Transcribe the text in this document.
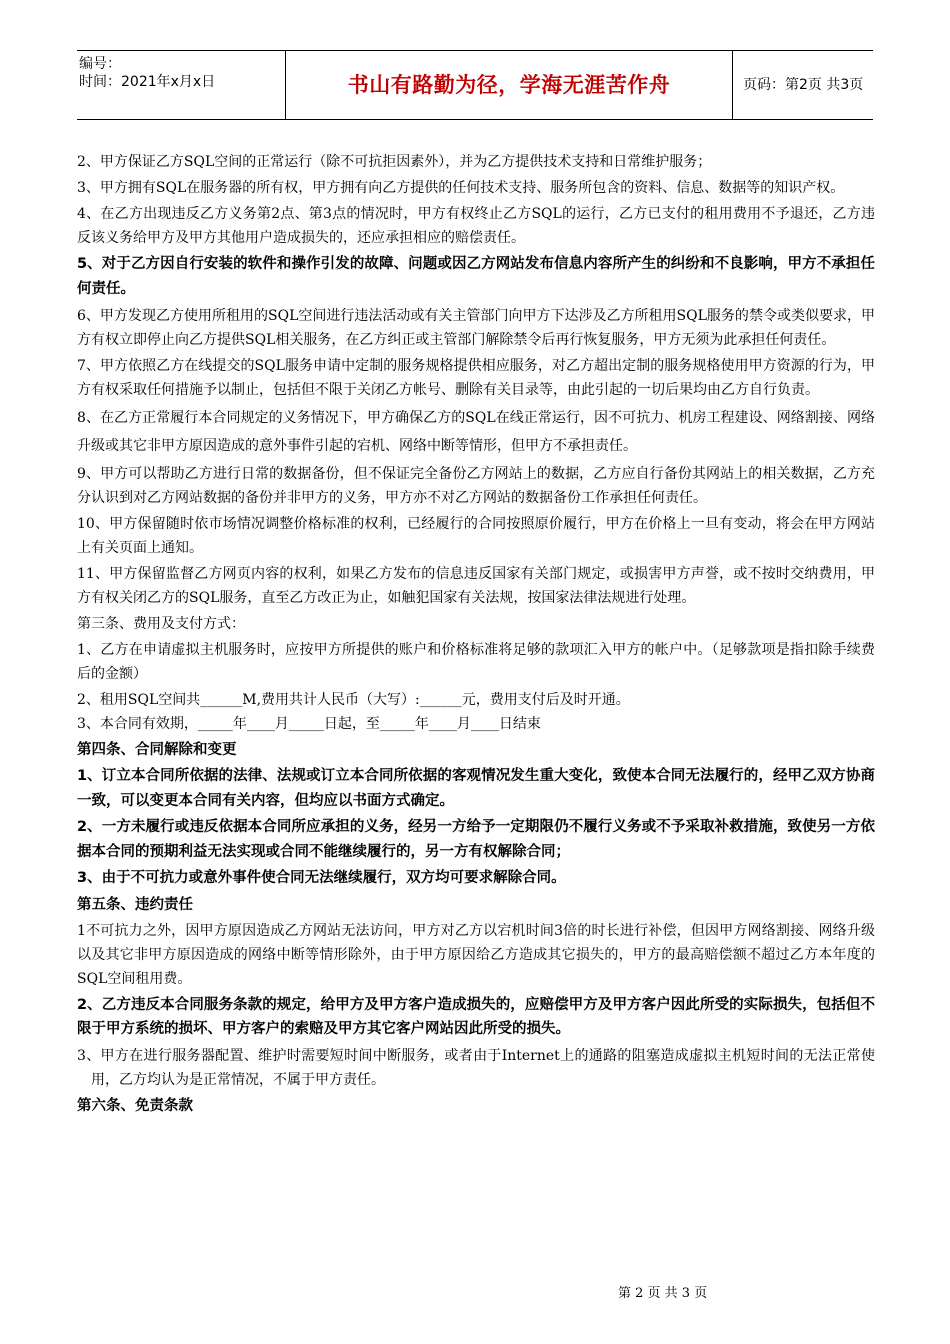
编号：
时间：2021年x月x日	书山有路勤为径，学海无涯苦作舟	页码：第2页 共3页

2、甲方保证乙方SQL空间的正常运行（除不可抗拒因素外），并为乙方提供技术支持和日常维护服务；

3、甲方拥有SQL在服务器的所有权，甲方拥有向乙方提供的任何技术支持、服务所包含的资料、信息、数据等的知识产权。

4、在乙方出现违反乙方义务第2点、第3点的情况时，甲方有权终止乙方SQL的运行，乙方已支付的租用费用不予退还，乙方违反该义务给甲方及甲方其他用户造成损失的，还应承担相应的赔偿责任。

5、对于乙方因自行安装的软件和操作引发的故障、问题或因乙方网站发布信息内容所产生的纠纷和不良影响，甲方不承担任何责任。

6、甲方发现乙方使用所租用的SQL空间进行违法活动或有关主管部门向甲方下达涉及乙方所租用SQL服务的禁令或类似要求，甲方有权立即停止向乙方提供SQL相关服务，在乙方纠正或主管部门解除禁令后再行恢复服务，甲方无须为此承担任何责任。

7、甲方依照乙方在线提交的SQL服务申请中定制的服务规格提供相应服务，对乙方超出定制的服务规格使用甲方资源的行为，甲方有权采取任何措施予以制止，包括但不限于关闭乙方帐号、删除有关目录等，由此引起的一切后果均由乙方自行负责。

8、在乙方正常履行本合同规定的义务情况下，甲方确保乙方的SQL在线正常运行，因不可抗力、机房工程建设、网络割接、网络升级或其它非甲方原因造成的意外事件引起的宕机、网络中断等情形，但甲方不承担责任。

9、甲方可以帮助乙方进行日常的数据备份，但不保证完全备份乙方网站上的数据，乙方应自行备份其网站上的相关数据，乙方充分认识到对乙方网站数据的备份并非甲方的义务，甲方亦不对乙方网站的数据备份工作承担任何责任。

10、甲方保留随时依市场情况调整价格标准的权利，已经履行的合同按照原价履行，甲方在价格上一旦有变动，将会在甲方网站上有关页面上通知。

11、甲方保留监督乙方网页内容的权利，如果乙方发布的信息违反国家有关部门规定，或损害甲方声誉，或不按时交纳费用，甲方有权关闭乙方的SQL服务，直至乙方改正为止，如触犯国家有关法规，按国家法律法规进行处理。

第三条、费用及支付方式：

1、乙方在申请虚拟主机服务时，应按甲方所提供的账户和价格标准将足够的款项汇入甲方的帐户中。（足够款项是指扣除手续费后的金额）

2、租用SQL空间共______M,费用共计人民币（大写）:______元，费用支付后及时开通。

3、本合同有效期，_____年____月_____日起，至_____年____月____日结束

第四条、合同解除和变更

1、订立本合同所依据的法律、法规或订立本合同所依据的客观情况发生重大变化，致使本合同无法履行的，经甲乙双方协商一致，可以变更本合同有关内容，但均应以书面方式确定。

2、一方未履行或违反依据本合同所应承担的义务，经另一方给予一定期限仍不履行义务或不予采取补救措施，致使另一方依据本合同的预期利益无法实现或合同不能继续履行的，另一方有权解除合同；

3、由于不可抗力或意外事件使合同无法继续履行，双方均可要求解除合同。

第五条、违约责任

1不可抗力之外，因甲方原因造成乙方网站无法访问，甲方对乙方以宕机时间3倍的时长进行补偿，但因甲方网络割接、网络升级以及其它非甲方原因造成的网络中断等情形除外，由于甲方原因给乙方造成其它损失的，甲方的最高赔偿额不超过乙方本年度的SQL空间租用费。

2、乙方违反本合同服务条款的规定，给甲方及甲方客户造成损失的，应赔偿甲方及甲方客户因此所受的实际损失，包括但不限于甲方系统的损坏、甲方客户的索赔及甲方其它客户网站因此所受的损失。

3、甲方在进行服务器配置、维护时需要短时间中断服务，或者由于Internet上的通路的阻塞造成虚拟主机短时间的无法正常使用，乙方均认为是正常情况，不属于甲方责任。

第六条、免责条款

第 2 页 共 3 页
